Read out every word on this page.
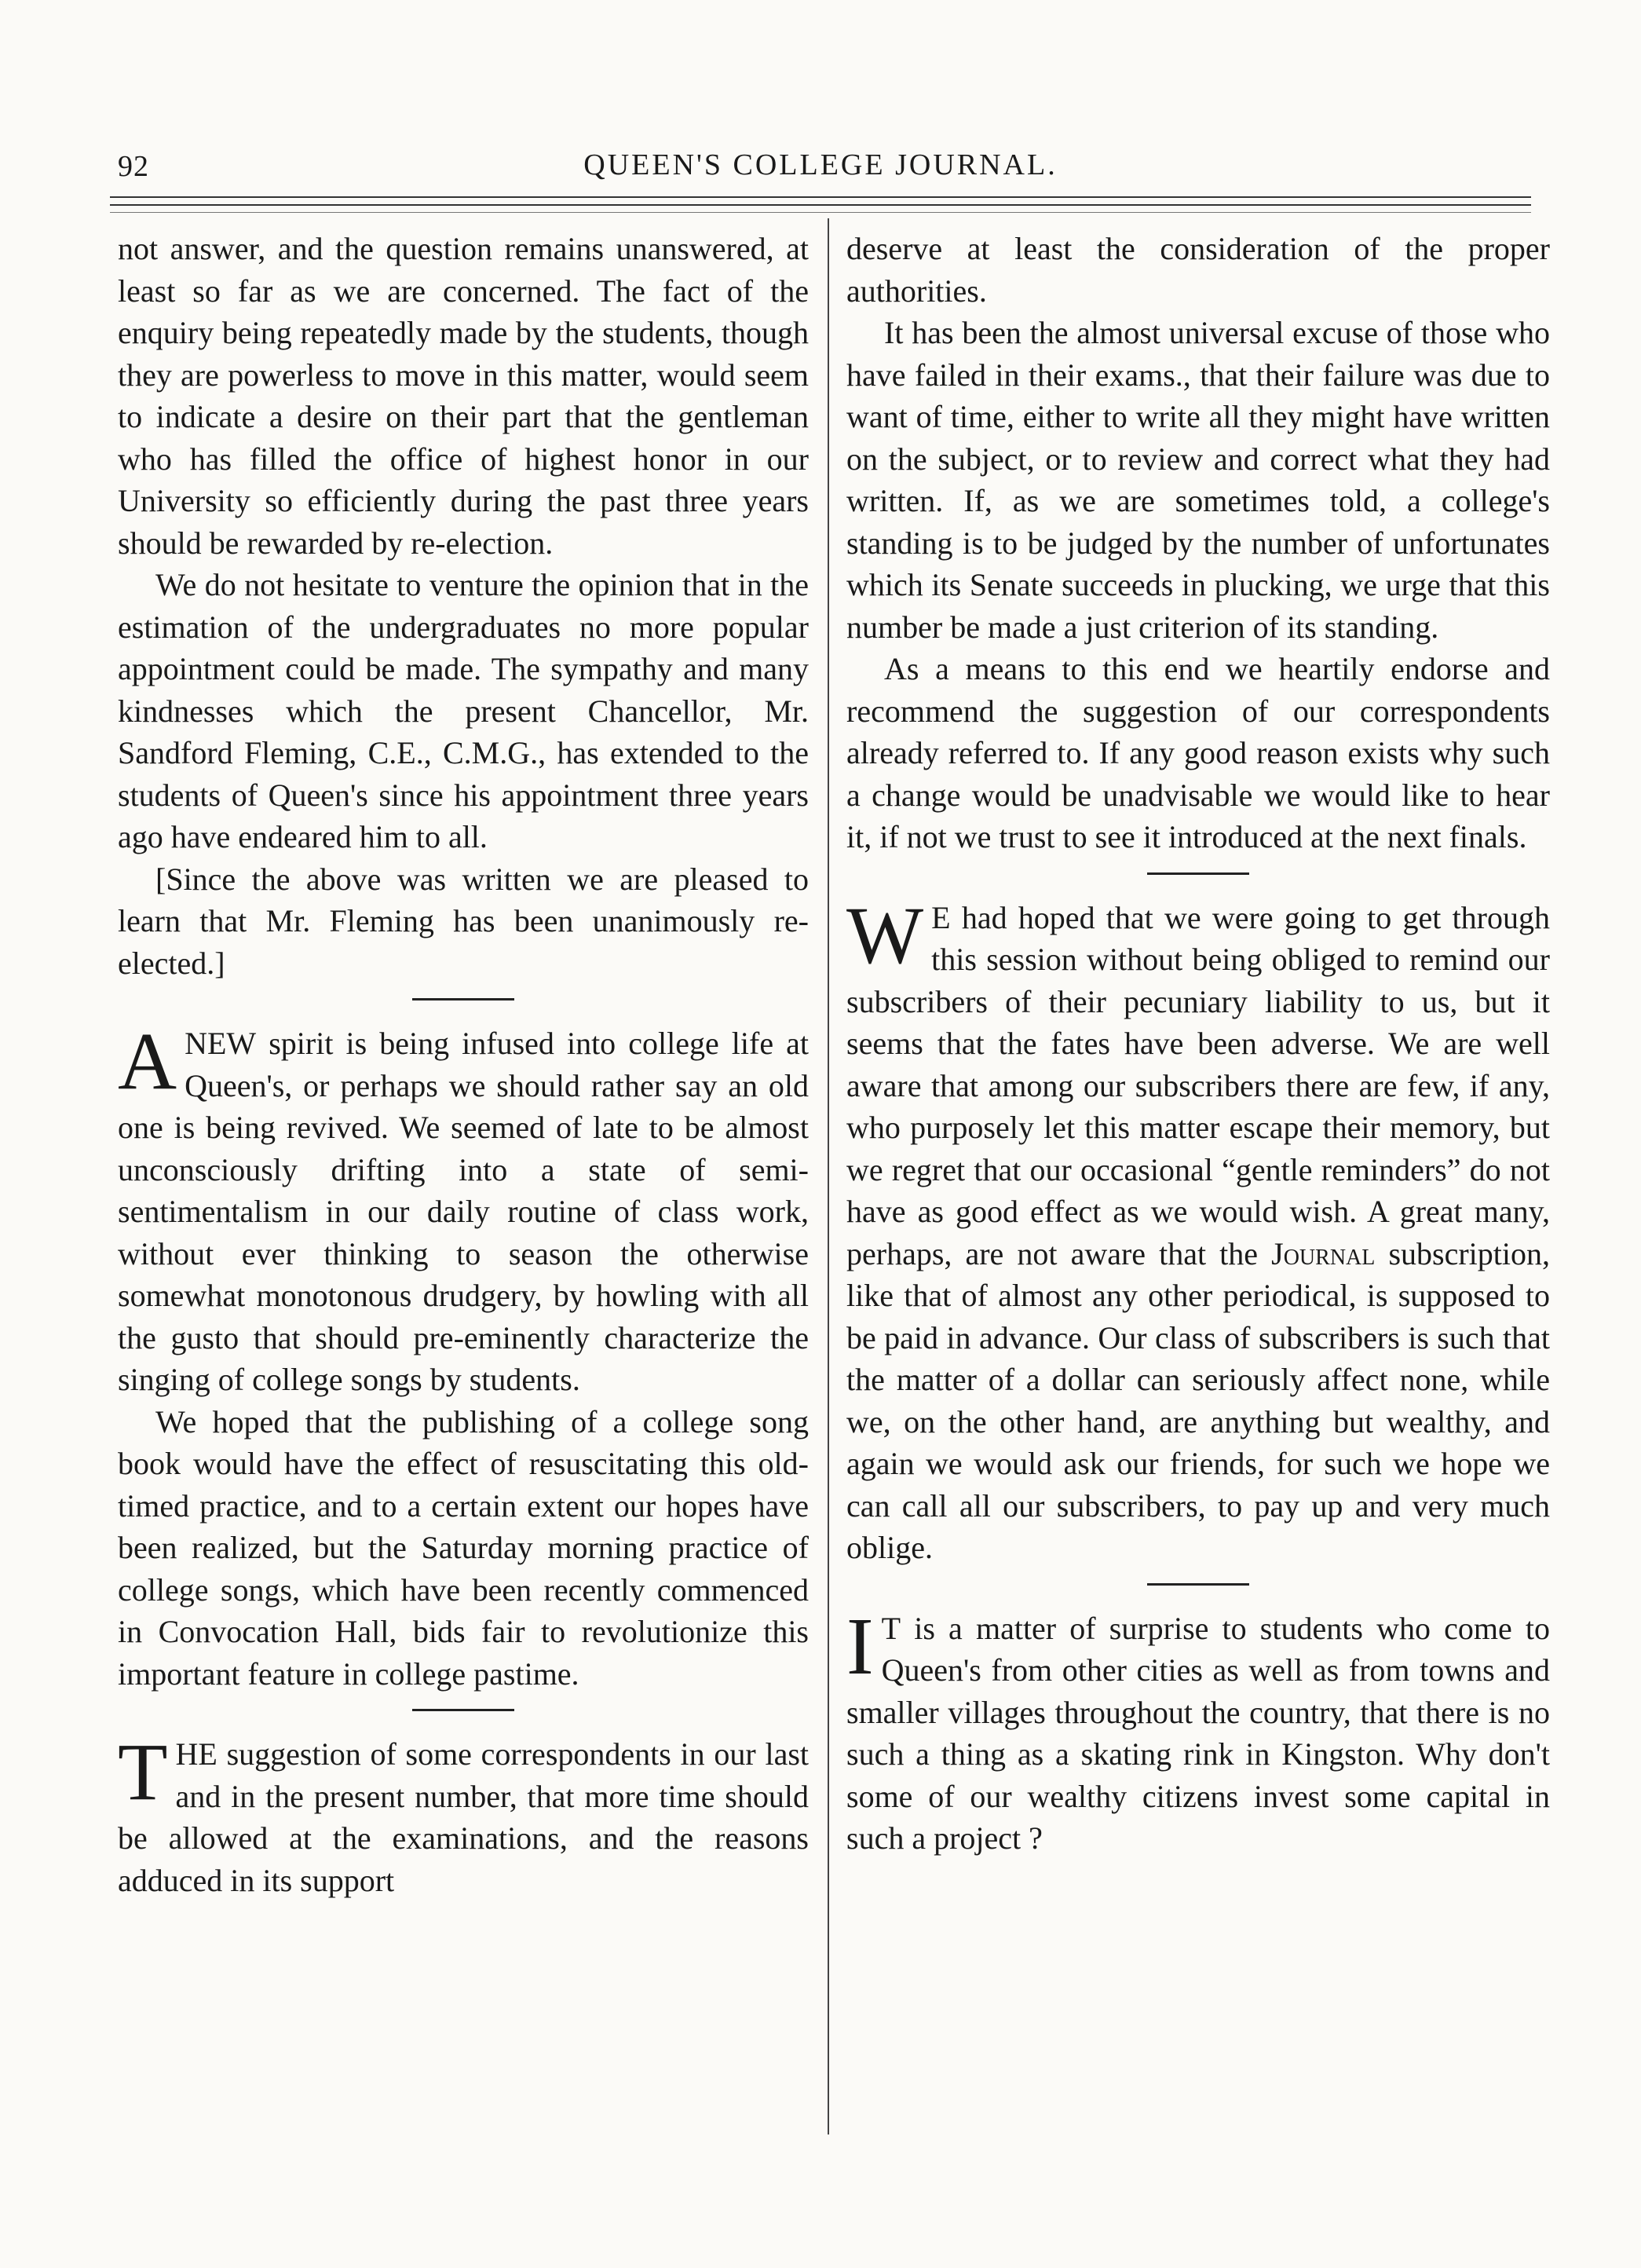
92	QUEEN'S COLLEGE JOURNAL.

not answer, and the question remains unanswered, at least so far as we are concerned. The fact of the enquiry being repeatedly made by the students, though they are powerless to move in this matter, would seem to indicate a desire on their part that the gentleman who has filled the office of highest honor in our University so efficiently during the past three years should be rewarded by re-election.

We do not hesitate to venture the opinion that in the estimation of the undergraduates no more popular appointment could be made. The sympathy and many kindnesses which the present Chancellor, Mr. Sandford Fleming, C.E., C.M.G., has extended to the students of Queen's since his appointment three years ago have endeared him to all.

[Since the above was written we are pleased to learn that Mr. Fleming has been unanimously re-elected.]

ANEW spirit is being infused into college life at Queen's, or perhaps we should rather say an old one is being revived. We seemed of late to be almost unconsciously drifting into a state of semi-sentimentalism in our daily routine of class work, without ever thinking to season the otherwise somewhat monotonous drudgery, by howling with all the gusto that should pre-eminently characterize the singing of college songs by students.

We hoped that the publishing of a college song book would have the effect of resuscitating this old-timed practice, and to a certain extent our hopes have been realized, but the Saturday morning practice of college songs, which have been recently commenced in Convocation Hall, bids fair to revolutionize this important feature in college pastime.

THE suggestion of some correspondents in our last and in the present number, that more time should be allowed at the examinations, and the reasons adduced in its support

deserve at least the consideration of the proper authorities.

It has been the almost universal excuse of those who have failed in their exams., that their failure was due to want of time, either to write all they might have written on the subject, or to review and correct what they had written. If, as we are sometimes told, a college's standing is to be judged by the number of unfortunates which its Senate succeeds in plucking, we urge that this number be made a just criterion of its standing.

As a means to this end we heartily endorse and recommend the suggestion of our correspondents already referred to. If any good reason exists why such a change would be unadvisable we would like to hear it, if not we trust to see it introduced at the next finals.

W E had hoped that we were going to get through this session without being obliged to remind our subscribers of their pecuniary liability to us, but it seems that the fates have been adverse. We are well aware that among our subscribers there are few, if any, who purposely let this matter escape their memory, but we regret that our occasional “gentle reminders” do not have as good effect as we would wish. A great many, perhaps, are not aware that the Journal subscription, like that of almost any other periodical, is supposed to be paid in advance. Our class of subscribers is such that the matter of a dollar can seriously affect none, while we, on the other hand, are anything but wealthy, and again we would ask our friends, for such we hope we can call all our subscribers, to pay up and very much oblige.

I T is a matter of surprise to students who come to Queen's from other cities as well as from towns and smaller villages throughout the country, that there is no such a thing as a skating rink in Kingston. Why don't some of our wealthy citizens invest some capital in such a project ?
